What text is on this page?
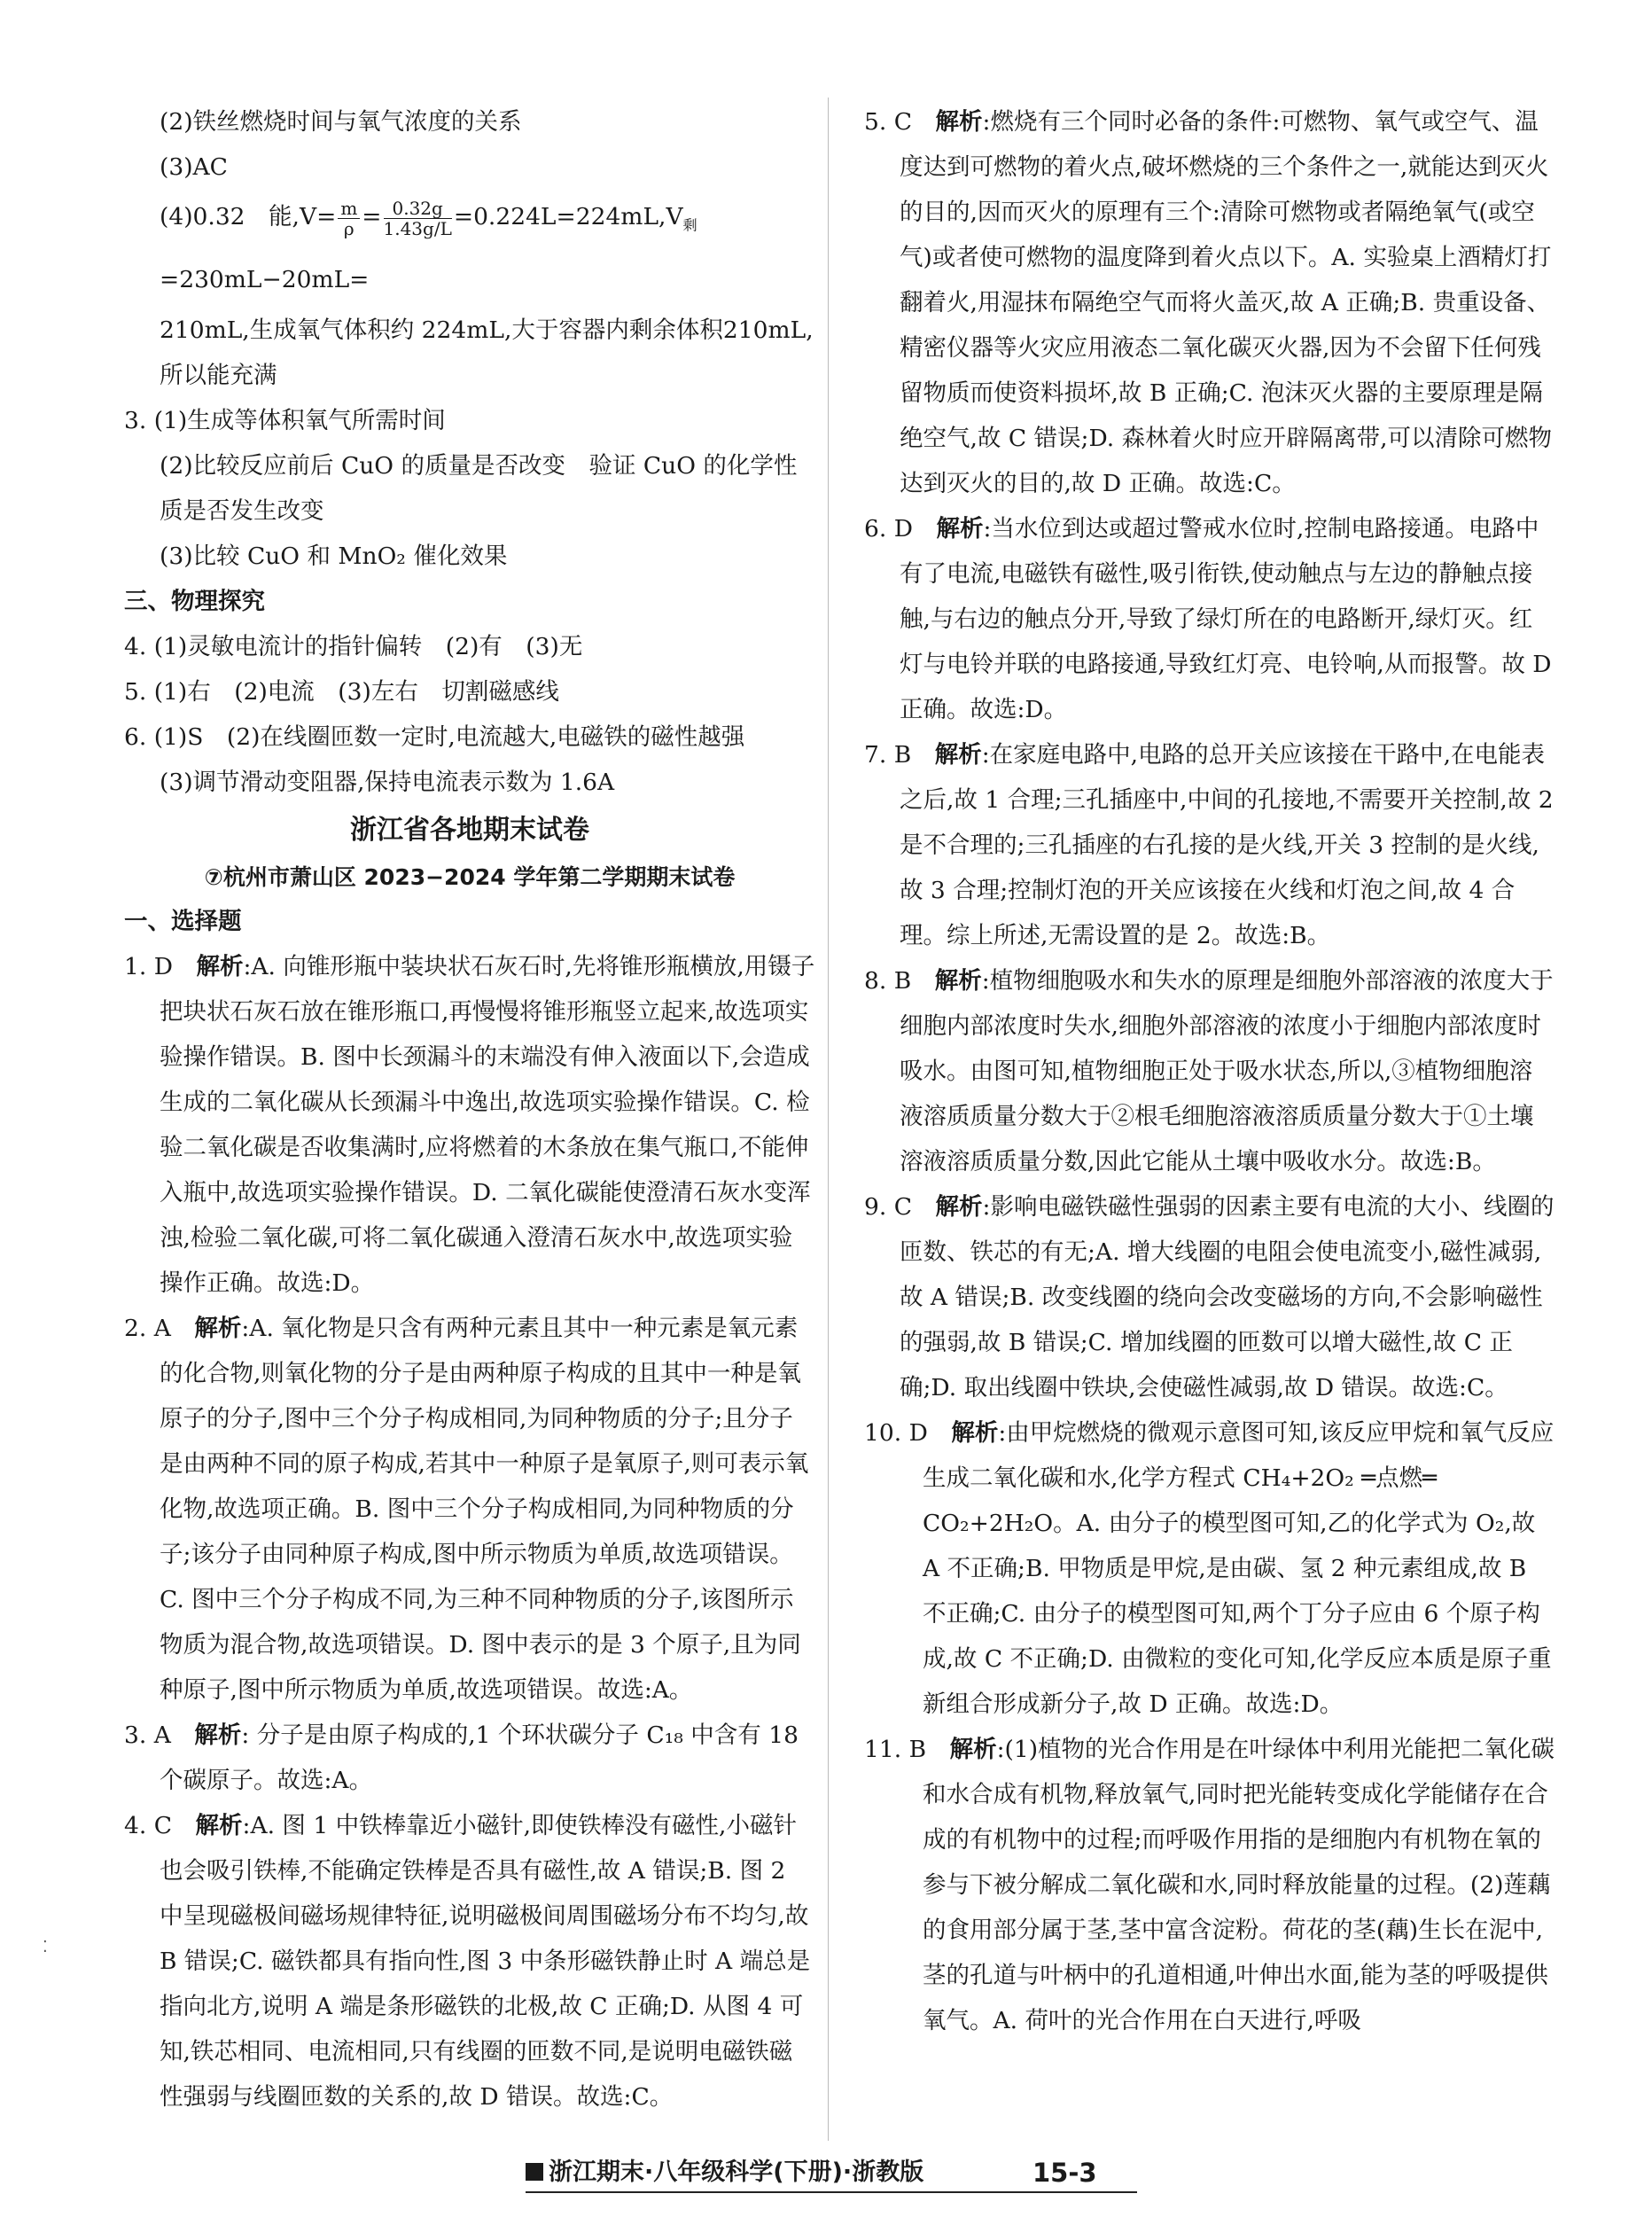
⁚

(2)铁丝燃烧时间与氧气浓度的关系

(3)AC

(4)0.32　能$,V= \frac{m}{\rho} = \frac{0.32g}{1.43g/L} =0.224L=224mL,V_剩=230mL-20mL=$

210mL,生成氧气体积约 224mL,大于容器内剩余体积210mL,

所以能充满

3. (1)生成等体积氧气所需时间

(2)比较反应前后 CuO 的质量是否改变　验证 CuO 的化学性

质是否发生改变

(3)比较 CuO 和 MnO₂ 催化效果

三、物理探究

4. (1)灵敏电流计的指针偏转　(2)有　(3)无

5. (1)右　(2)电流　(3)左右　切割磁感线

6. (1)S　(2)在线圈匝数一定时,电流越大,电磁铁的磁性越强

(3)调节滑动变阻器,保持电流表示数为 1.6A

浙江省各地期末试卷

⑦杭州市萧山区 2023−2024 学年第二学期期末试卷

一、选择题

1. D　 解析:A. 向锥形瓶中装块状石灰石时,先将锥形瓶横放,用镊子把块状石灰石放在锥形瓶口,再慢慢将锥形瓶竖立起来,故选项实验操作错误。B. 图中长颈漏斗的末端没有伸入液面以下,会造成生成的二氧化碳从长颈漏斗中逸出,故选项实验操作错误。C. 检验二氧化碳是否收集满时,应将燃着的木条放在集气瓶口,不能伸入瓶中,故选项实验操作错误。D. 二氧化碳能使澄清石灰水变浑浊,检验二氧化碳,可将二氧化碳通入澄清石灰水中,故选项实验操作正确。故选:D。

2. A　 解析:A. 氧化物是只含有两种元素且其中一种元素是氧元素的化合物,则氧化物的分子是由两种原子构成的且其中一种是氧原子的分子,图中三个分子构成相同,为同种物质的分子;且分子是由两种不同的原子构成,若其中一种原子是氧原子,则可表示氧化物,故选项正确。B. 图中三个分子构成相同,为同种物质的分子;该分子由同种原子构成,图中所示物质为单质,故选项错误。C. 图中三个分子构成不同,为三种不同种物质的分子,该图所示物质为混合物,故选项错误。D. 图中表示的是 3 个原子,且为同种原子,图中所示物质为单质,故选项错误。故选:A。

3. A　 解析: 分子是由原子构成的,1 个环状碳分子 C₁₈ 中含有 18 个碳原子。故选:A。

4. C　 解析:A. 图 1 中铁棒靠近小磁针,即使铁棒没有磁性,小磁针也会吸引铁棒,不能确定铁棒是否具有磁性,故 A 错误;B. 图 2 中呈现磁极间磁场规律特征,说明磁极间周围磁场分布不均匀,故 B 错误;C. 磁铁都具有指向性,图 3 中条形磁铁静止时 A 端总是指向北方,说明 A 端是条形磁铁的北极,故 C 正确;D. 从图 4 可知,铁芯相同、电流相同,只有线圈的匝数不同,是说明电磁铁磁性强弱与线圈匝数的关系的,故 D 错误。故选:C。

5. C　 解析:燃烧有三个同时必备的条件:可燃物、氧气或空气、温度达到可燃物的着火点,破坏燃烧的三个条件之一,就能达到灭火的目的,因而灭火的原理有三个:清除可燃物或者隔绝氧气(或空气)或者使可燃物的温度降到着火点以下。A. 实验桌上酒精灯打翻着火,用湿抹布隔绝空气而将火盖灭,故 A 正确;B. 贵重设备、精密仪器等火灾应用液态二氧化碳灭火器,因为不会留下任何残留物质而使资料损坏,故 B 正确;C. 泡沫灭火器的主要原理是隔绝空气,故 C 错误;D. 森林着火时应开辟隔离带,可以清除可燃物达到灭火的目的,故 D 正确。故选:C。

6. D　 解析:当水位到达或超过警戒水位时,控制电路接通。电路中有了电流,电磁铁有磁性,吸引衔铁,使动触点与左边的静触点接触,与右边的触点分开,导致了绿灯所在的电路断开,绿灯灭。红灯与电铃并联的电路接通,导致红灯亮、电铃响,从而报警。故 D 正确。故选:D。

7. B　 解析:在家庭电路中,电路的总开关应该接在干路中,在电能表之后,故 1 合理;三孔插座中,中间的孔接地,不需要开关控制,故 2 是不合理的;三孔插座的右孔接的是火线,开关 3 控制的是火线,故 3 合理;控制灯泡的开关应该接在火线和灯泡之间,故 4 合理。综上所述,无需设置的是 2。故选:B。

8. B　 解析:植物细胞吸水和失水的原理是细胞外部溶液的浓度大于细胞内部浓度时失水,细胞外部溶液的浓度小于细胞内部浓度时吸水。由图可知,植物细胞正处于吸水状态,所以,③植物细胞溶液溶质质量分数大于②根毛细胞溶液溶质质量分数大于①土壤溶液溶质质量分数,因此它能从土壤中吸收水分。故选:B。

9. C　 解析:影响电磁铁磁性强弱的因素主要有电流的大小、线圈的匝数、铁芯的有无;A. 增大线圈的电阻会使电流变小,磁性减弱,故 A 错误;B. 改变线圈的绕向会改变磁场的方向,不会影响磁性的强弱,故 B 错误;C. 增加线圈的匝数可以增大磁性,故 C 正确;D. 取出线圈中铁块,会使磁性减弱,故 D 错误。故选:C。

10. D　 解析:由甲烷燃烧的微观示意图可知,该反应甲烷和氧气反应生成二氧化碳和水,化学方程式 CH₄+2O₂ ═点燃═ CO₂+2H₂O。A. 由分子的模型图可知,乙的化学式为 O₂,故 A 不正确;B. 甲物质是甲烷,是由碳、氢 2 种元素组成,故 B 不正确;C. 由分子的模型图可知,两个丁分子应由 6 个原子构成,故 C 不正确;D. 由微粒的变化可知,化学反应本质是原子重新组合形成新分子,故 D 正确。故选:D。

11. B　 解析:(1)植物的光合作用是在叶绿体中利用光能把二氧化碳和水合成有机物,释放氧气,同时把光能转变成化学能储存在合成的有机物中的过程;而呼吸作用指的是细胞内有机物在氧的参与下被分解成二氧化碳和水,同时释放能量的过程。(2)莲藕的食用部分属于茎,茎中富含淀粉。荷花的茎(藕)生长在泥中,茎的孔道与叶柄中的孔道相通,叶伸出水面,能为茎的呼吸提供氧气。A. 荷叶的光合作用在白天进行,呼吸

浙江期末·八年级科学(下册)·浙教版	15-3
